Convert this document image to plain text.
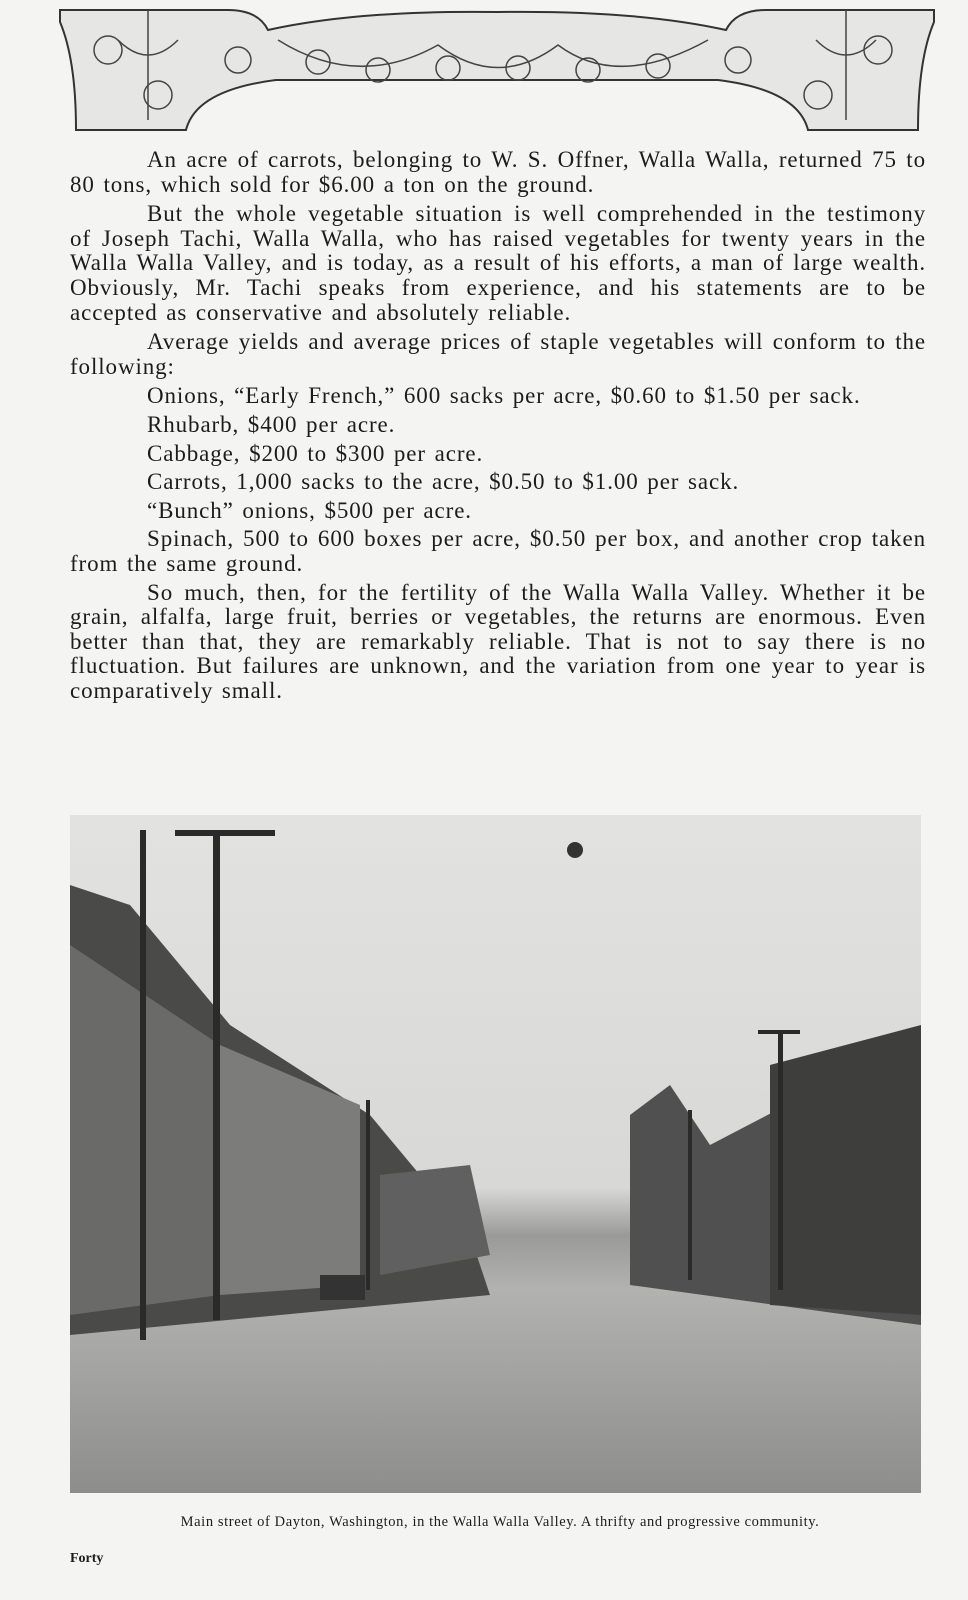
An acre of carrots, belonging to W. S. Offner, Walla Walla, returned 75 to 80 tons, which sold for $6.00 a ton on the ground.

But the whole vegetable situation is well comprehended in the testimony of Joseph Tachi, Walla Walla, who has raised vegetables for twenty years in the Walla Walla Valley, and is today, as a result of his efforts, a man of large wealth. Obviously, Mr. Tachi speaks from experience, and his statements are to be accepted as conservative and absolutely reliable.

Average yields and average prices of staple vegetables will conform to the following:

Onions, “Early French,” 600 sacks per acre, $0.60 to $1.50 per sack.

Rhubarb, $400 per acre.

Cabbage, $200 to $300 per acre.

Carrots, 1,000 sacks to the acre, $0.50 to $1.00 per sack.

“Bunch” onions, $500 per acre.

Spinach, 500 to 600 boxes per acre, $0.50 per box, and another crop taken from the same ground.

So much, then, for the fertility of the Walla Walla Valley. Whether it be grain, alfalfa, large fruit, berries or vegetables, the returns are enormous. Even better than that, they are remarkably reliable. That is not to say there is no fluctuation. But failures are unknown, and the variation from one year to year is comparatively small.

Main street of Dayton, Washington, in the Walla Walla Valley. A thrifty and progressive community.
Forty
